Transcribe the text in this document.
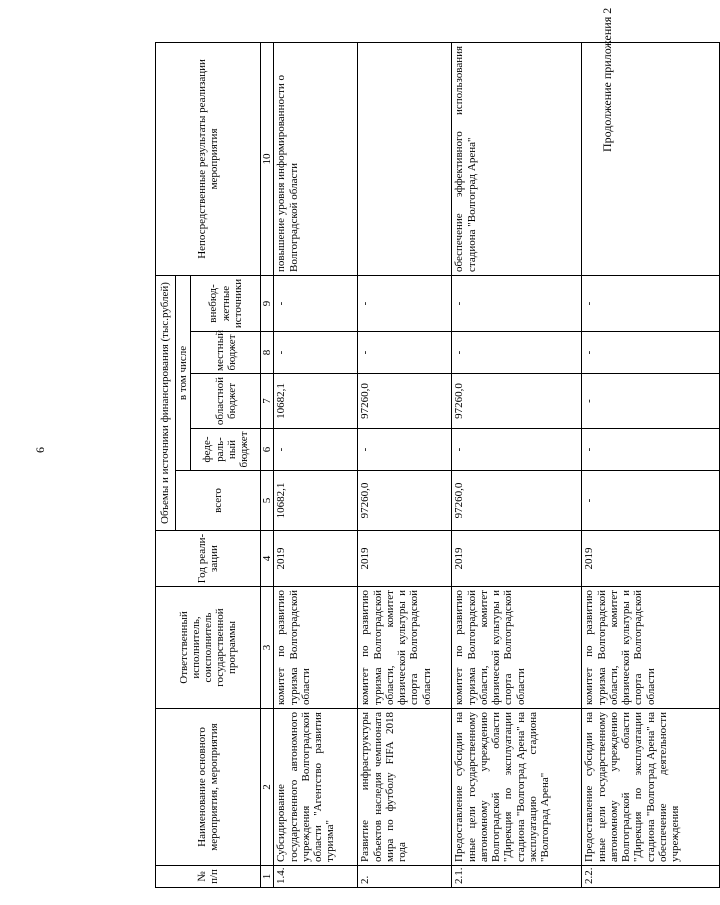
6
Продолжение приложения 2
№ п/п	Наименование основного мероприятия, мероприятия	Ответственный исполнитель, соисполнитель государственной программы	Год реали-зации	Объемы и источники финансирования (тыс.рублей)					Непосредственные результаты реализации мероприятия
				всего	в том числе				
					феде-раль-ный бюджет	областной бюджет	местный бюджет	внебюд-жетные источники	
1	2	3	4	5	6	7	8	9	10
1.4.	Субсидирование государственного автономного учреждения Волгоградской области "Агентство развития туризма"	комитет по развитию туризма Волгоградской области	2019	10682,1	-	10682,1	-	-	повышение уровня информированности о Волгоградской области
2.	Развитие инфраструктуры объектов наследия чемпионата мира по футболу FIFA 2018 года	комитет по развитию туризма Волгоградской области, комитет физической культуры и спорта Волгоградской области	2019	97260,0	-	97260,0	-	-	
2.1.	Предоставление субсидии на иные цели государственному автономному учреждению Волгоградской области "Дирекция по эксплуатации стадиона "Волгоград Арена" на эксплуатацию стадиона "Волгоград Арена"	комитет по развитию туризма Волгоградской области, комитет физической культуры и спорта Волгоградской области	2019	97260,0	-	97260,0	-	-	обеспечение эффективного использования стадиона "Волгоград Арена"
2.2.	Предоставление субсидии на иные цели государственному автономному учреждению Волгоградской области "Дирекция по эксплуатации стадиона "Волгоград Арена" на обеспечение деятельности учреждения	комитет по развитию туризма Волгоградской области, комитет физической культуры и спорта Волгоградской области	2019	-	-	-	-	-	
